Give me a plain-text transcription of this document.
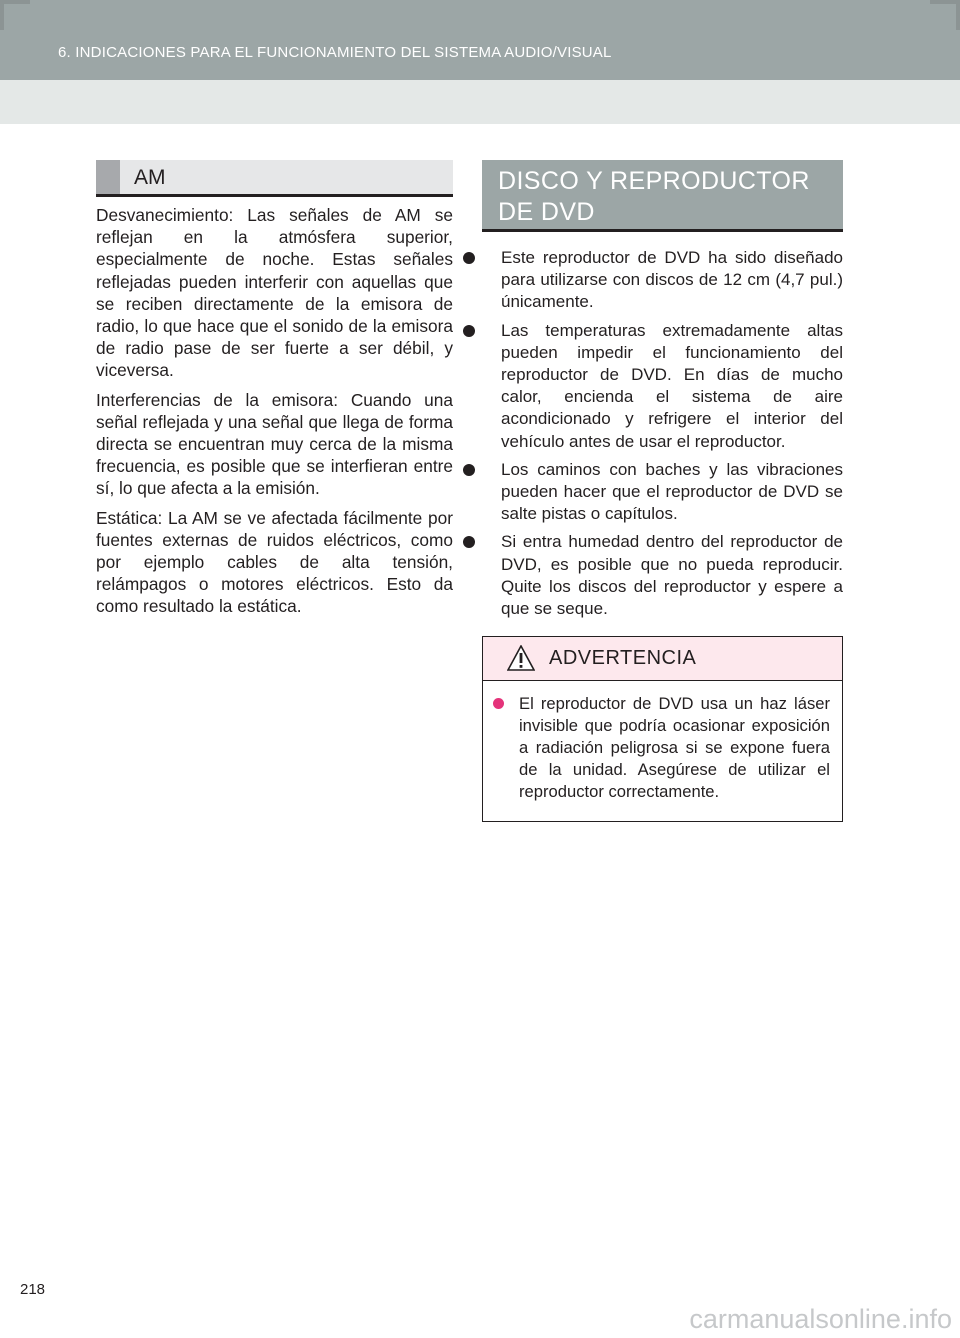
6. INDICACIONES PARA EL FUNCIONAMIENTO DEL SISTEMA AUDIO/VISUAL
AM

Desvanecimiento: Las señales de AM se reflejan en la atmósfera superior, especialmente de noche. Estas señales reflejadas pueden interferir con aquellas que se reciben directamente de la emisora de radio, lo que hace que el sonido de la emisora de radio pase de ser fuerte a ser débil, y viceversa.

Interferencias de la emisora: Cuando una señal reflejada y una señal que llega de forma directa se encuentran muy cerca de la misma frecuencia, es posible que se interfieran entre sí, lo que afecta a la emisión.

Estática: La AM se ve afectada fácilmente por fuentes externas de ruidos eléctricos, como por ejemplo cables de alta tensión, relámpagos o motores eléctricos. Esto da como resultado la estática.

DISCO Y REPRODUCTOR DE DVD
Este reproductor de DVD ha sido diseñado para utilizarse con discos de 12 cm (4,7 pul.) únicamente.
Las temperaturas extremadamente altas pueden impedir el funcionamiento del reproductor de DVD. En días de mucho calor, encienda el sistema de aire acondicionado y refrigere el interior del vehículo antes de usar el reproductor.
Los caminos con baches y las vibraciones pueden hacer que el reproductor de DVD se salte pistas o capítulos.
Si entra humedad dentro del reproductor de DVD, es posible que no pueda reproducir. Quite los discos del reproductor y espere a que se seque.
ADVERTENCIA
El reproductor de DVD usa un haz láser invisible que podría ocasionar exposición a radiación peligrosa si se expone fuera de la unidad. Asegúrese de utilizar el reproductor correctamente.
218
carmanualsonline.info
